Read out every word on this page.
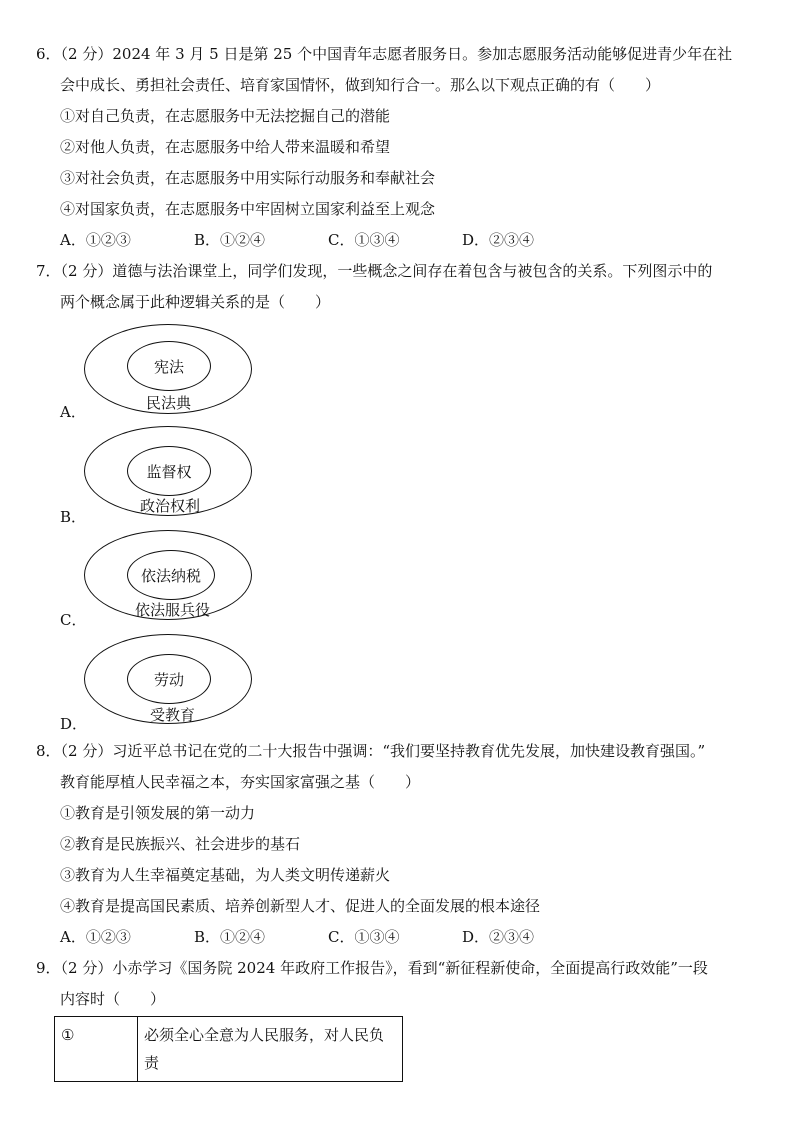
6．（2 分）2024 年 3 月 5 日是第 25 个中国青年志愿者服务日。参加志愿服务活动能够促进青少年在社
会中成长、勇担社会责任、培育家国情怀，做到知行合一。那么以下观点正确的有（　　）
①对自己负责，在志愿服务中无法挖掘自己的潜能
②对他人负责，在志愿服务中给人带来温暖和希望
③对社会负责，在志愿服务中用实际行动服务和奉献社会
④对国家负责，在志愿服务中牢固树立国家利益至上观念
A．①②③	B．①②④	C．①③④	D．②③④
7．（2 分）道德与法治课堂上，同学们发现，一些概念之间存在着包含与被包含的关系。下列图示中的
两个概念属于此种逻辑关系的是（　　）
宪法
民法典
A．
监督权
政治权利
B．
依法纳税
依法服兵役
C．
劳动
受教育
D．
8．（2 分）习近平总书记在党的二十大报告中强调：“我们要坚持教育优先发展，加快建设教育强国。”
教育能厚植人民幸福之本，夯实国家富强之基（　　）
①教育是引领发展的第一动力
②教育是民族振兴、社会进步的基石
③教育为人生幸福奠定基础，为人类文明传递薪火
④教育是提高国民素质、培养创新型人才、促进人的全面发展的根本途径
A．①②③	B．①②④	C．①③④	D．②③④
9．（2 分）小赤学习《国务院 2024 年政府工作报告》，看到“新征程新使命，全面提高行政效能”一段
内容时（　　）
①	必须全心全意为人民服务，对人民负
责
